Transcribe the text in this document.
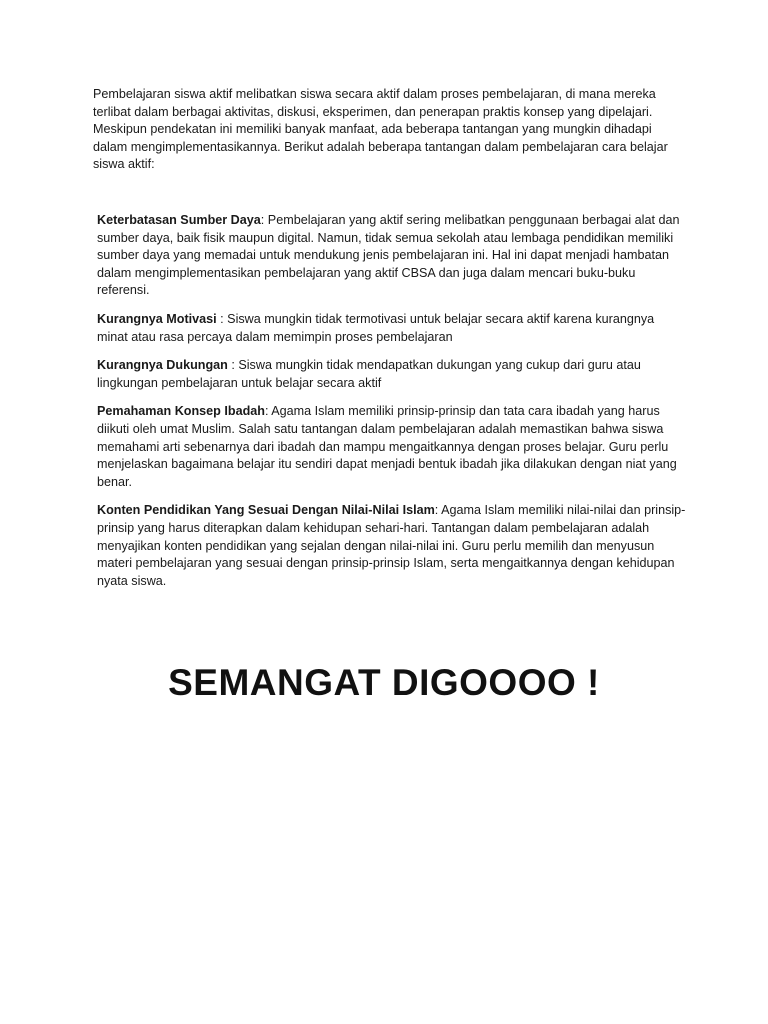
Pembelajaran siswa aktif melibatkan siswa secara aktif dalam proses pembelajaran, di mana mereka terlibat dalam berbagai aktivitas, diskusi, eksperimen, dan penerapan praktis konsep yang dipelajari. Meskipun pendekatan ini memiliki banyak manfaat, ada beberapa tantangan yang mungkin dihadapi dalam mengimplementasikannya. Berikut adalah beberapa tantangan dalam pembelajaran cara belajar siswa aktif:

Keterbatasan Sumber Daya: Pembelajaran yang aktif sering melibatkan penggunaan berbagai alat dan sumber daya, baik fisik maupun digital. Namun, tidak semua sekolah atau lembaga pendidikan memiliki sumber daya yang memadai untuk mendukung jenis pembelajaran ini. Hal ini dapat menjadi hambatan dalam mengimplementasikan pembelajaran yang aktif CBSA dan juga dalam mencari buku-buku referensi.

Kurangnya Motivasi : Siswa mungkin tidak termotivasi untuk belajar secara aktif karena kurangnya minat atau rasa percaya dalam memimpin proses pembelajaran

Kurangnya Dukungan : Siswa mungkin tidak mendapatkan dukungan yang cukup dari guru atau lingkungan pembelajaran untuk belajar secara aktif

Pemahaman Konsep Ibadah: Agama Islam memiliki prinsip-prinsip dan tata cara ibadah yang harus diikuti oleh umat Muslim. Salah satu tantangan dalam pembelajaran adalah memastikan bahwa siswa memahami arti sebenarnya dari ibadah dan mampu mengaitkannya dengan proses belajar. Guru perlu menjelaskan bagaimana belajar itu sendiri dapat menjadi bentuk ibadah jika dilakukan dengan niat yang benar.

Konten Pendidikan Yang Sesuai Dengan Nilai-Nilai Islam: Agama Islam memiliki nilai-nilai dan prinsip-prinsip yang harus diterapkan dalam kehidupan sehari-hari. Tantangan dalam pembelajaran adalah menyajikan konten pendidikan yang sejalan dengan nilai-nilai ini. Guru perlu memilih dan menyusun materi pembelajaran yang sesuai dengan prinsip-prinsip Islam, serta mengaitkannya dengan kehidupan nyata siswa.

SEMANGAT DIGOOOO !
